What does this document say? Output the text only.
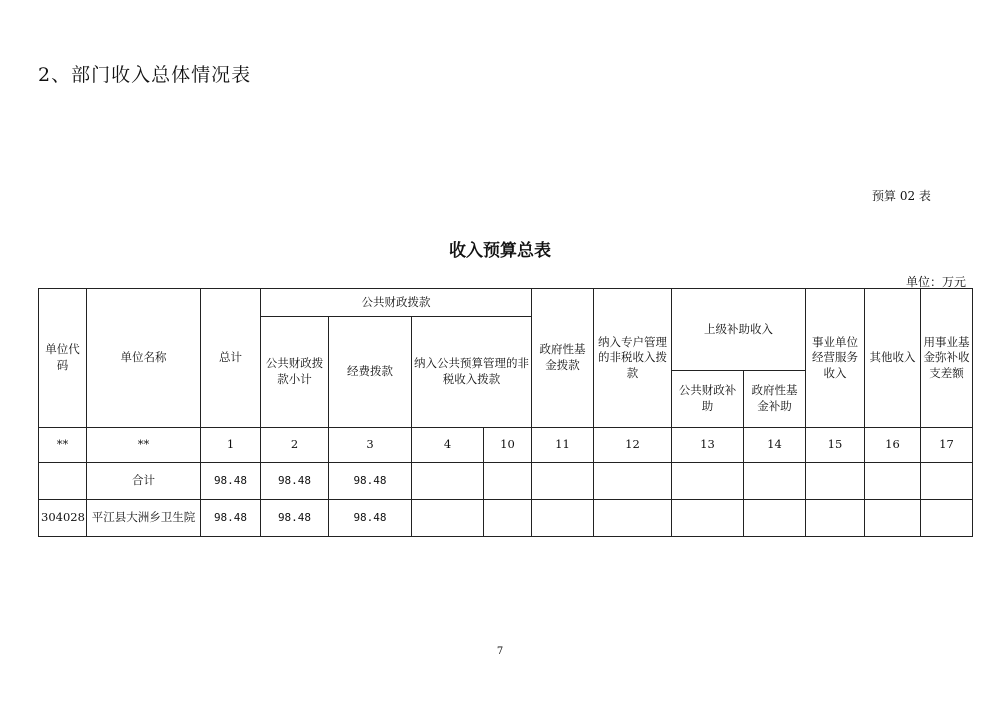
2、部门收入总体情况表
预算 02 表
收入预算总表
单位：万元
单位代码	单位名称	总计	公共财政拨款				政府性基金拨款	纳入专户管理的非税收入拨款	上级补助收入		事业单位经营服务收入	其他收入	用事业基金弥补收支差额	
			公共财政拨款小计	经费拨款	纳入公共预算管理的非税收入拨款									
									公共财政补助	政府性基金补助				
**	**	1	2	3	4	10	11	12	13	14	15	16	17	
	合计	98.48	98.48	98.48										
304028	平江县大洲乡卫生院	98.48	98.48	98.48										
7
